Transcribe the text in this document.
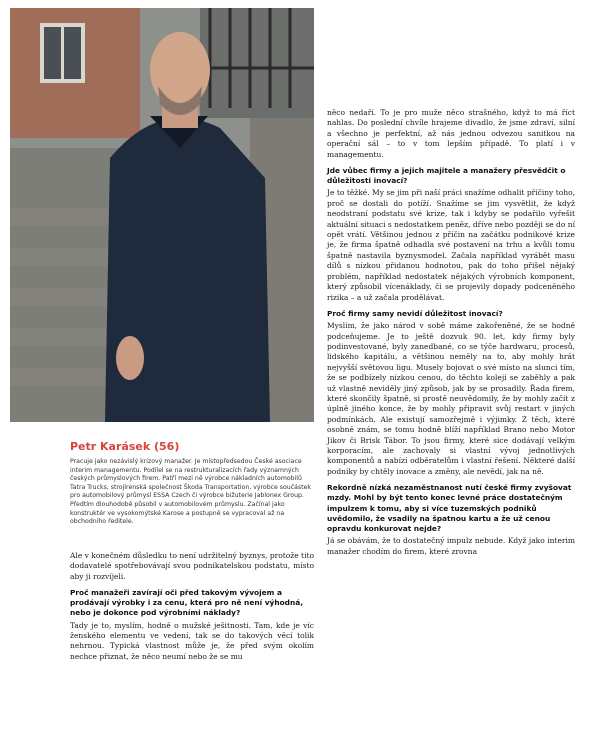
Petr Karásek (56)

Pracuje jako nezávislý krizový manažer. Je místopředsedou České asociace interim managementu. Podílel se na restrukturalizacích řady významných českých průmyslových firem. Patří mezi ně výrobce nákladních automobilů Tatra Trucks, strojírenská společnost Škoda Transportation, výrobce součástek pro automobilový průmysl ESSA Czech či výrobce bižuterie Jablonex Group. Předtím dlouhodobě působil v automobilovém průmyslu. Začínal jako konstruktér ve vysokomýtské Karose a postupně se vypracoval až na obchodního ředitele.

Ale v konečném důsledku to není udržitelný byznys, protože tito dodavatelé spotřebovávají svou podnikatelskou podstatu, místo aby ji rozvíjeli.

Proč manažeři zavírají oči před takovým vývojem a prodávají výrobky i za cenu, která pro ně není výhodná, nebo je dokonce pod výrobními náklady?

Tady je to, myslím, hodně o mužské ješitnosti. Tam, kde je víc ženského elementu ve vedení, tak se do takových věcí tolik nehrnou. Typická vlastnost může je, že před svým okolím nechce přiznat, že něco neumí nebo že se mu

něco nedaří. To je pro muže něco strašného, když to má říct nahlas. Do poslední chvíle hrajeme divadlo, že jsme zdraví, silní a všechno je perfektní, až nás jednou odvezou sanitkou na operační sál – to v tom lepším případě. To platí i v managementu.

Jde vůbec firmy a jejich majitele a manažery přesvědčit o důležitosti inovací?

Je to těžké. My se jim při naší práci snažíme odhalit příčiny toho, proč se dostali do potíží. Snažíme se jim vysvětlit, že když neodstraní podstatu své krize, tak i kdyby se podařilo vyřešit aktuální situaci s nedostatkem peněz, dříve nebo později se do ní opět vrátí. Většinou jednou z příčin na začátku podnikové krize je, že firma špatně odhadla své postavení na trhu a kvůli tomu špatně nastavila byznysmodel. Začala například vyrábět masu dílů s nízkou přidanou hodnotou, pak do toho přišel nějaký problém, například nedostatek nějakých výrobních komponent, který způsobil vícenáklady, či se projevily dopady podceněného rizika – a už začala prodělávat.

Proč firmy samy nevidí důležitost inovací?

Myslím, že jako národ v sobě máme zakořeněné, že se hodně podceňujeme. Je to ještě dozvuk 90. let, kdy firmy byly podinvestované, byly zanedbané, co se týče hardwaru, procesů, lidského kapitálu, a většinou neměly na to, aby mohly hrát nejvyšší světovou ligu. Musely bojovat o své místo na slunci tím, že se podbízely nízkou cenou, do těchto kolejí se zaběhly a pak už vlastně neviděly jiný způsob, jak by se prosadily. Řada firem, které skončily špatně, si prostě neuvědomily, že by mohly začít z úplně jiného konce, že by mohly připravit svůj restart v jiných podmínkách. Ale existují samozřejmě i výjimky. Z těch, které osobně znám, se tomu hodně blíží například Brano nebo Motor Jikov či Brisk Tábor. To jsou firmy, které sice dodávají velkým korporacím, ale zachovaly si vlastní vývoj jednotlivých komponentů a nabízí odběratelům i vlastní řešení. Některé další podniky by chtěly inovace a změny, ale nevědí, jak na ně.

Rekordně nízká nezaměstnanost nutí české firmy zvyšovat mzdy. Mohl by být tento konec levné práce dostatečným impulzem k tomu, aby si více tuzemských podniků uvědomilo, že vsadily na špatnou kartu a že už cenou opravdu konkurovat nejde?

Já se obávám, že to dostatečný impulz nebude. Když jako interim manažer chodím do firem, které zrovna
